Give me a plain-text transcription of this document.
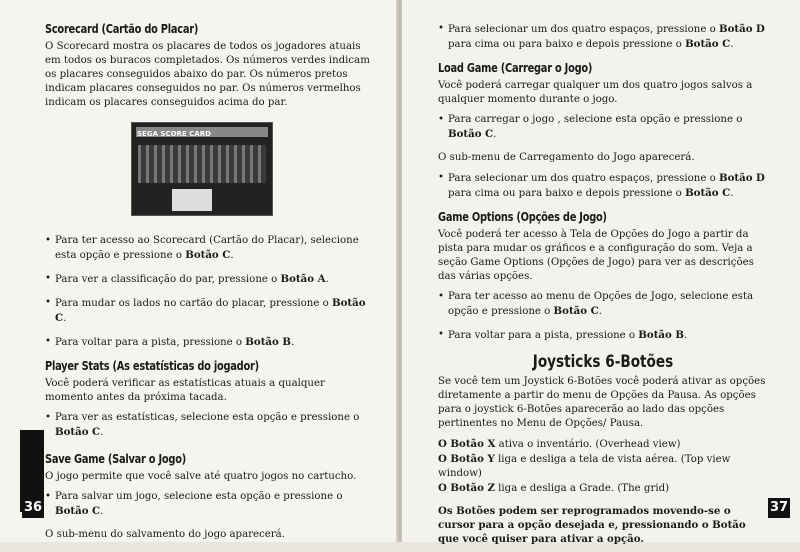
Scorecard (Cartão do Placar)

O Scorecard mostra os placares de todos os jogadores atuais em todos os buracos completados. Os números verdes indicam os placares conseguidos abaixo do par. Os números pretos indicam placares conseguidos no par. Os números vermelhos indicam os placares conseguidos acima do par.

SEGA SCORE CARD
• Para ter acesso ao Scorecard (Cartão do Placar), selecione esta opção e pressione o Botão C.
• Para ver a classificação do par, pressione o Botão A.
• Para mudar os lados no cartão do placar, pressione o Botão C.
• Para voltar para a pista, pressione o Botão B.
Player Stats (As estatísticas do jogador)

Você poderá verificar as estatísticas atuais a qualquer momento antes da próxima tacada.

• Para ver as estatísticas, selecione esta opção e pressione o Botão C.
Save Game (Salvar o Jogo)

O jogo permite que você salve até quatro jogos no cartucho.

• Para salvar um jogo, selecione esta opção e pressione o Botão C.

O sub-menu do salvamento do jogo aparecerá.

36
• Para selecionar um dos quatro espaços, pressione o Botão D para cima ou para baixo e depois pressione o Botão C.
Load Game (Carregar o Jogo)

Você poderá carregar qualquer um dos quatro jogos salvos a qualquer momento durante o jogo.

• Para carregar o jogo , selecione esta opção e pressione o Botão C.

O sub-menu de Carregamento do Jogo aparecerá.

• Para selecionar um dos quatro espaços, pressione o Botão D para cima ou para baixo e depois pressione o Botão C.
Game Options (Opções de Jogo)

Você poderá ter acesso à Tela de Opções do Jogo a partir da pista para mudar os gráficos e a configuração do som. Veja a seção Game Options (Opções de Jogo) para ver as descrições das várias opções.

• Para ter acesso ao menu de Opções de Jogo, selecione esta opção e pressione o Botão C.
• Para voltar para a pista, pressione o Botão B.
Joysticks 6-Botões

Se você tem um Joystick 6-Botões você poderá ativar as opções diretamente a partir do menu de Opções da Pausa. As opções para o joystick 6-Botões aparecerão ao lado das opções pertinentes no Menu de Opções/ Pausa.

O Botão X ativa o inventário. (Overhead view)
O Botão Y liga e desliga a tela de vista aérea. (Top view window)
O Botão Z liga e desliga a Grade. (The grid)

Os Botões podem ser reprogramados movendo-se o cursor para a opção desejada e, pressionando o Botão que você quiser para ativar a opção.

37
